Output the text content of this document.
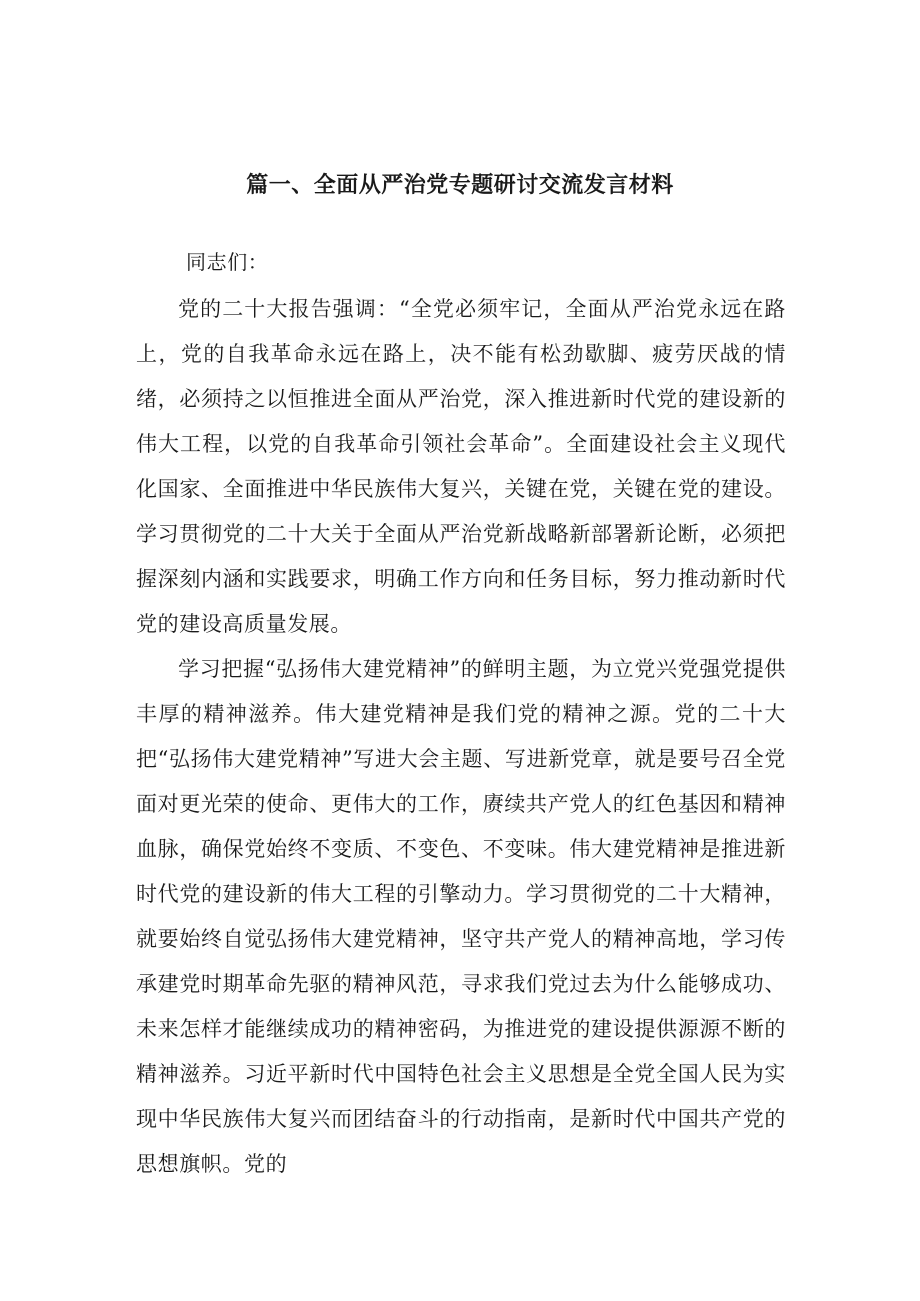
篇一、全面从严治党专题研讨交流发言材料

同志们：

党的二十大报告强调：“全党必须牢记，全面从严治党永远在路上，党的自我革命永远在路上，决不能有松劲歇脚、疲劳厌战的情绪，必须持之以恒推进全面从严治党，深入推进新时代党的建设新的伟大工程，以党的自我革命引领社会革命”。全面建设社会主义现代化国家、全面推进中华民族伟大复兴，关键在党，关键在党的建设。学习贯彻党的二十大关于全面从严治党新战略新部署新论断，必须把握深刻内涵和实践要求，明确工作方向和任务目标，努力推动新时代党的建设高质量发展。

学习把握“弘扬伟大建党精神”的鲜明主题，为立党兴党强党提供丰厚的精神滋养。伟大建党精神是我们党的精神之源。党的二十大把“弘扬伟大建党精神”写进大会主题、写进新党章，就是要号召全党面对更光荣的使命、更伟大的工作，赓续共产党人的红色基因和精神血脉，确保党始终不变质、不变色、不变味。伟大建党精神是推进新时代党的建设新的伟大工程的引擎动力。学习贯彻党的二十大精神，就要始终自觉弘扬伟大建党精神，坚守共产党人的精神高地，学习传承建党时期革命先驱的精神风范，寻求我们党过去为什么能够成功、未来怎样才能继续成功的精神密码，为推进党的建设提供源源不断的精神滋养。习近平新时代中国特色社会主义思想是全党全国人民为实现中华民族伟大复兴而团结奋斗的行动指南，是新时代中国共产党的思想旗帜。党的
